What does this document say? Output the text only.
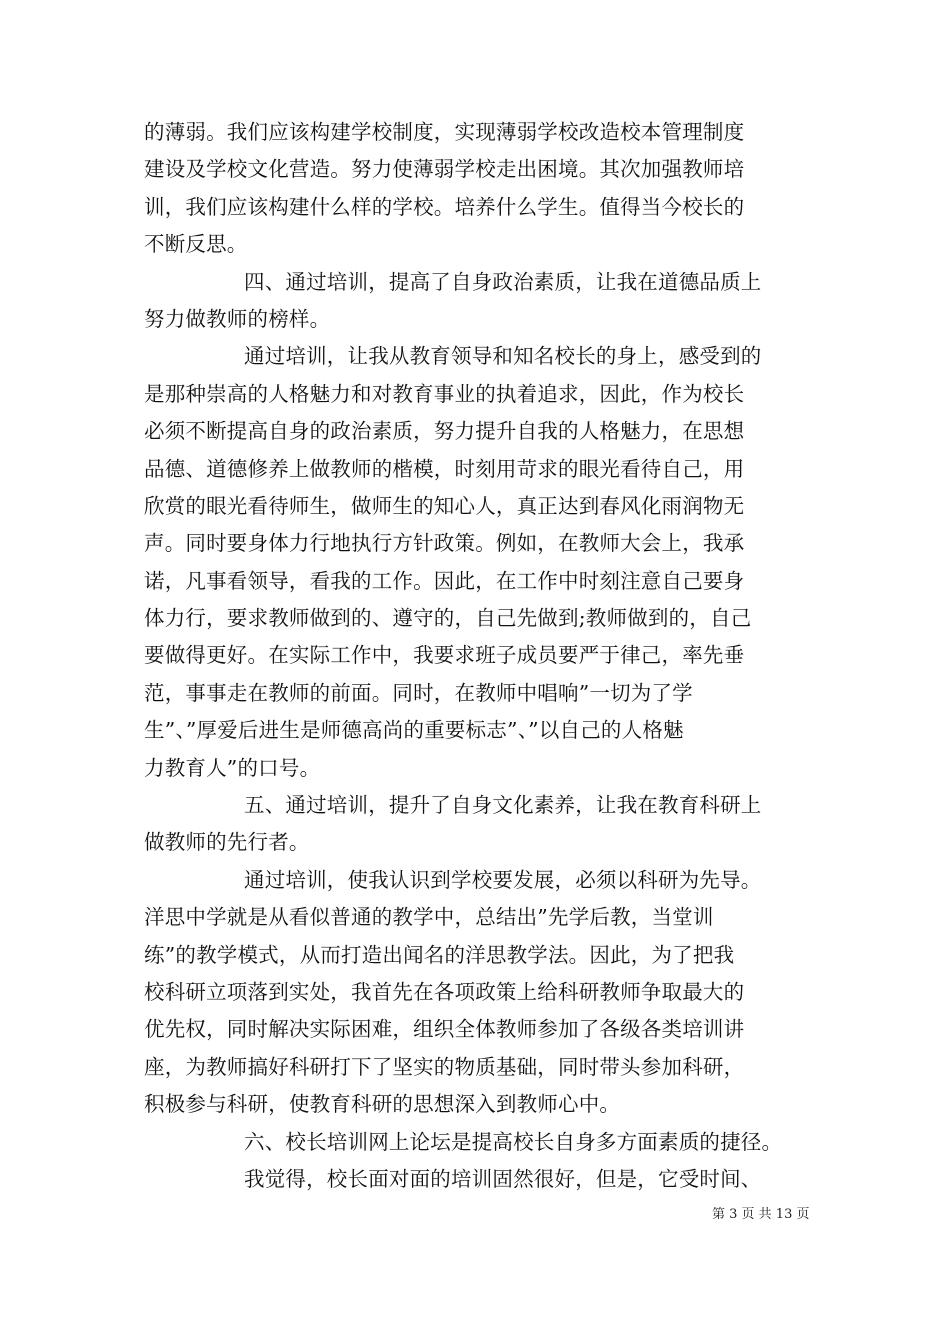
的薄弱。我们应该构建学校制度，实现薄弱学校改造校本管理制度
建设及学校文化营造。努力使薄弱学校走出困境。其次加强教师培
训，我们应该构建什么样的学校。培养什么学生。值得当今校长的
不断反思。
四、通过培训，提高了自身政治素质，让我在道德品质上
努力做教师的榜样。
通过培训，让我从教育领导和知名校长的身上，感受到的
是那种崇高的人格魅力和对教育事业的执着追求，因此，作为校长
必须不断提高自身的政治素质，努力提升自我的人格魅力，在思想
品德、道德修养上做教师的楷模，时刻用苛求的眼光看待自己，用
欣赏的眼光看待师生，做师生的知心人，真正达到春风化雨润物无
声。同时要身体力行地执行方针政策。例如，在教师大会上，我承
诺，凡事看领导，看我的工作。因此，在工作中时刻注意自己要身
体力行，要求教师做到的、遵守的，自己先做到;教师做到的，自己
要做得更好。在实际工作中，我要求班子成员要严于律己，率先垂
范，事事走在教师的前面。同时，在教师中唱响”一切为了学
生”、”厚爱后进生是师德高尚的重要标志”、”以自己的人格魅
力教育人”的口号。
五、通过培训，提升了自身文化素养，让我在教育科研上
做教师的先行者。
通过培训，使我认识到学校要发展，必须以科研为先导。
洋思中学就是从看似普通的教学中，总结出”先学后教，当堂训
练”的教学模式，从而打造出闻名的洋思教学法。因此，为了把我
校科研立项落到实处，我首先在各项政策上给科研教师争取最大的
优先权，同时解决实际困难，组织全体教师参加了各级各类培训讲
座，为教师搞好科研打下了坚实的物质基础，同时带头参加科研，
积极参与科研，使教育科研的思想深入到教师心中。
六、校长培训网上论坛是提高校长自身多方面素质的捷径。
我觉得，校长面对面的培训固然很好，但是，它受时间、
第 3 页 共 13 页
